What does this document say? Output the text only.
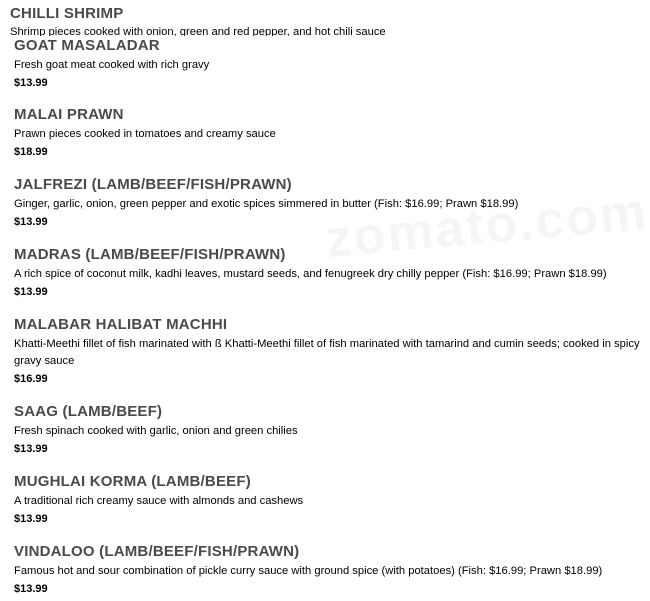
CHILLI SHRIMP
Shrimp pieces cooked with onion, green and red pepper, and hot chili sauce
GOAT MASALADAR
Fresh goat meat cooked with rich gravy
$13.99
MALAI PRAWN
Prawn pieces cooked in tomatoes and creamy sauce
$18.99
JALFREZI (LAMB/BEEF/FISH/PRAWN)
Ginger, garlic, onion, green pepper and exotic spices simmered in butter (Fish: $16.99; Prawn $18.99)
$13.99
MADRAS (LAMB/BEEF/FISH/PRAWN)
A rich spice of coconut milk, kadhi leaves, mustard seeds, and fenugreek dry chilly pepper (Fish: $16.99; Prawn $18.99)
$13.99
MALABAR HALIBAT MACHHI
Khatti-Meethi fillet of fish marinated with ß Khatti-Meethi fillet of fish marinated with tamarind and cumin seeds; cooked in spicy gravy sauce
$16.99
SAAG (LAMB/BEEF)
Fresh spinach cooked with garlic, onion and green chilies
$13.99
MUGHLAI KORMA (LAMB/BEEF)
A traditional rich creamy sauce with almonds and cashews
$13.99
VINDALOO (LAMB/BEEF/FISH/PRAWN)
Famous hot and sour combination of pickle curry sauce with ground spice (with potatoes) (Fish: $16.99; Prawn $18.99)
$13.99
